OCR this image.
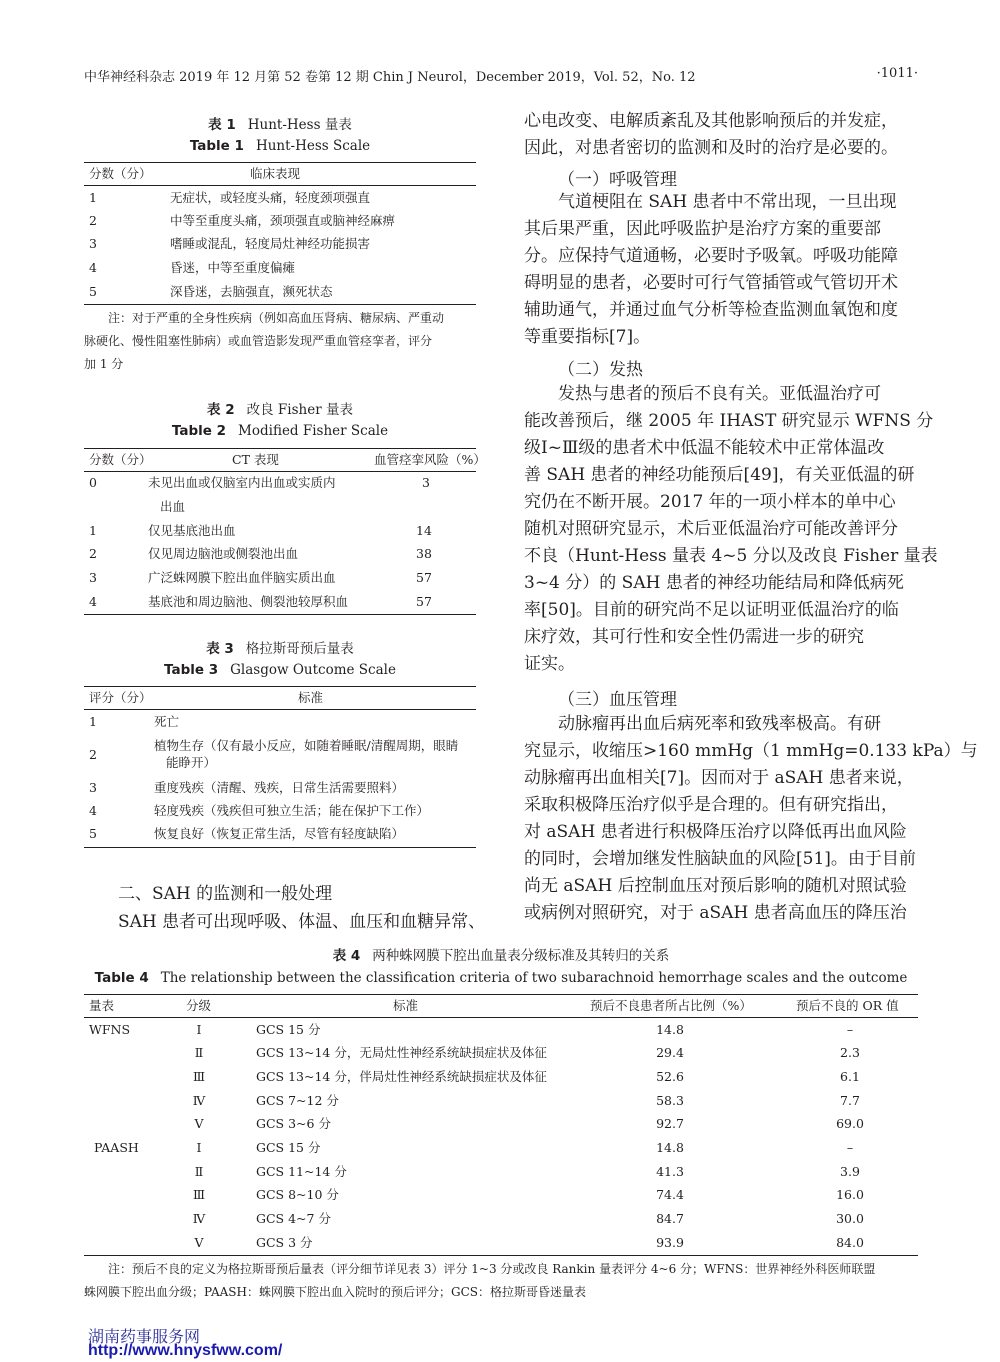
中华神经科杂志 2019 年 12 月第 52 卷第 12 期 Chin J Neurol，December 2019，Vol. 52，No. 12	·1011·
表 1 Hunt-Hess 量表
Table 1 Hunt-Hess Scale
分数（分）	临床表现
1	无症状，或轻度头痛，轻度颈项强直
2	中等至重度头痛，颈项强直或脑神经麻痹
3	嗜睡或混乱，轻度局灶神经功能损害
4	昏迷，中等至重度偏瘫
5	深昏迷，去脑强直，濒死状态
注：对于严重的全身性疾病（例如高血压肾病、糖尿病、严重动
脉硬化、慢性阻塞性肺病）或血管造影发现严重血管痉挛者，评分
加 1 分
表 2 改良 Fisher 量表
Table 2 Modified Fisher Scale
分数（分）	CT 表现	血管痉挛风险（%）
0	未见出血或仅脑室内出血或实质内	3
出血
1	仅见基底池出血	14
2	仅见周边脑池或侧裂池出血	38
3	广泛蛛网膜下腔出血伴脑实质出血	57
4	基底池和周边脑池、侧裂池较厚积血	57
表 3 格拉斯哥预后量表
Table 3 Glasgow Outcome Scale
评分（分）	标准
1	死亡
2
植物生存（仅有最小反应，如随着睡眠/清醒周期，眼睛
能睁开）
3	重度残疾（清醒、残疾，日常生活需要照料）
4	轻度残疾（残疾但可独立生活；能在保护下工作）
5	恢复良好（恢复正常生活，尽管有轻度缺陷）
二、SAH 的监测和一般处理
SAH 患者可出现呼吸、体温、血压和血糖异常、
心电改变、电解质紊乱及其他影响预后的并发症，
因此，对患者密切的监测和及时的治疗是必要的。
（一）呼吸管理
气道梗阻在 SAH 患者中不常出现，一旦出现
其后果严重，因此呼吸监护是治疗方案的重要部
分。应保持气道通畅，必要时予吸氧。呼吸功能障
碍明显的患者，必要时可行气管插管或气管切开术
辅助通气，并通过血气分析等检查监测血氧饱和度
等重要指标[7]。
（二）发热
发热与患者的预后不良有关。亚低温治疗可
能改善预后，继 2005 年 IHAST 研究显示 WFNS 分
级Ⅰ~Ⅲ级的患者术中低温不能较术中正常体温改
善 SAH 患者的神经功能预后[49]，有关亚低温的研
究仍在不断开展。2017 年的一项小样本的单中心
随机对照研究显示，术后亚低温治疗可能改善评分
不良（Hunt-Hess 量表 4~5 分以及改良 Fisher 量表
3~4 分）的 SAH 患者的神经功能结局和降低病死
率[50]。目前的研究尚不足以证明亚低温治疗的临
床疗效，其可行性和安全性仍需进一步的研究
证实。
（三）血压管理
动脉瘤再出血后病死率和致残率极高。有研
究显示，收缩压>160 mmHg（1 mmHg=0.133 kPa）与
动脉瘤再出血相关[7]。因而对于 aSAH 患者来说，
采取积极降压治疗似乎是合理的。但有研究指出，
对 aSAH 患者进行积极降压治疗以降低再出血风险
的同时，会增加继发性脑缺血的风险[51]。由于目前
尚无 aSAH 后控制血压对预后影响的随机对照试验
或病例对照研究，对于 aSAH 患者高血压的降压治
表 4 两种蛛网膜下腔出血量表分级标准及其转归的关系
Table 4 The relationship between the classification criteria of two subarachnoid hemorrhage scales and the outcome
量表	分级	标准	预后不良患者所占比例（%）	预后不良的 OR 值
WFNS	Ⅰ	GCS 15 分	14.8	–
Ⅱ	GCS 13~14 分，无局灶性神经系统缺损症状及体征	29.4	2.3
Ⅲ	GCS 13~14 分，伴局灶性神经系统缺损症状及体征	52.6	6.1
Ⅳ	GCS 7~12 分	58.3	7.7
Ⅴ	GCS 3~6 分	92.7	69.0
PAASH	Ⅰ	GCS 15 分	14.8	–
Ⅱ	GCS 11~14 分	41.3	3.9
Ⅲ	GCS 8~10 分	74.4	16.0
Ⅳ	GCS 4~7 分	84.7	30.0
Ⅴ	GCS 3 分	93.9	84.0
注：预后不良的定义为格拉斯哥预后量表（评分细节详见表 3）评分 1~3 分或改良 Rankin 量表评分 4~6 分；WFNS：世界神经外科医师联盟
蛛网膜下腔出血分级；PAASH：蛛网膜下腔出血入院时的预后评分；GCS：格拉斯哥昏迷量表
湖南药事服务网
http://www.hnysfww.com/
